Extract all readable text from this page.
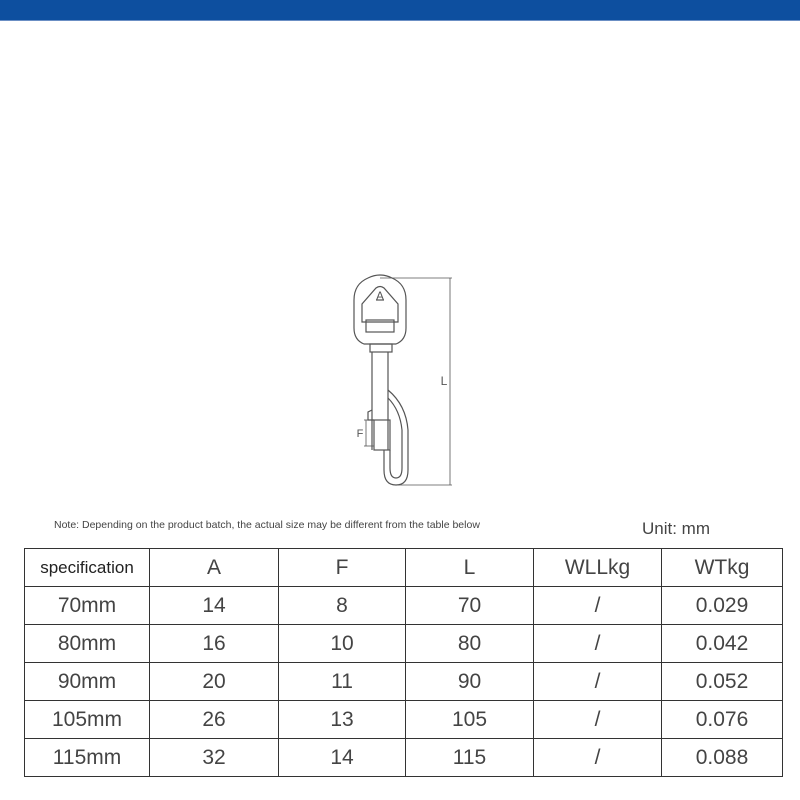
A
L
F
Note: Depending on the product batch, the actual size may be different from the table below	Unit: mm
specification	A	F	L	WLLkg	WTkg
70mm	14	8	70	/	0.029
80mm	16	10	80	/	0.042
90mm	20	11	90	/	0.052
105mm	26	13	105	/	0.076
115mm	32	14	115	/	0.088
